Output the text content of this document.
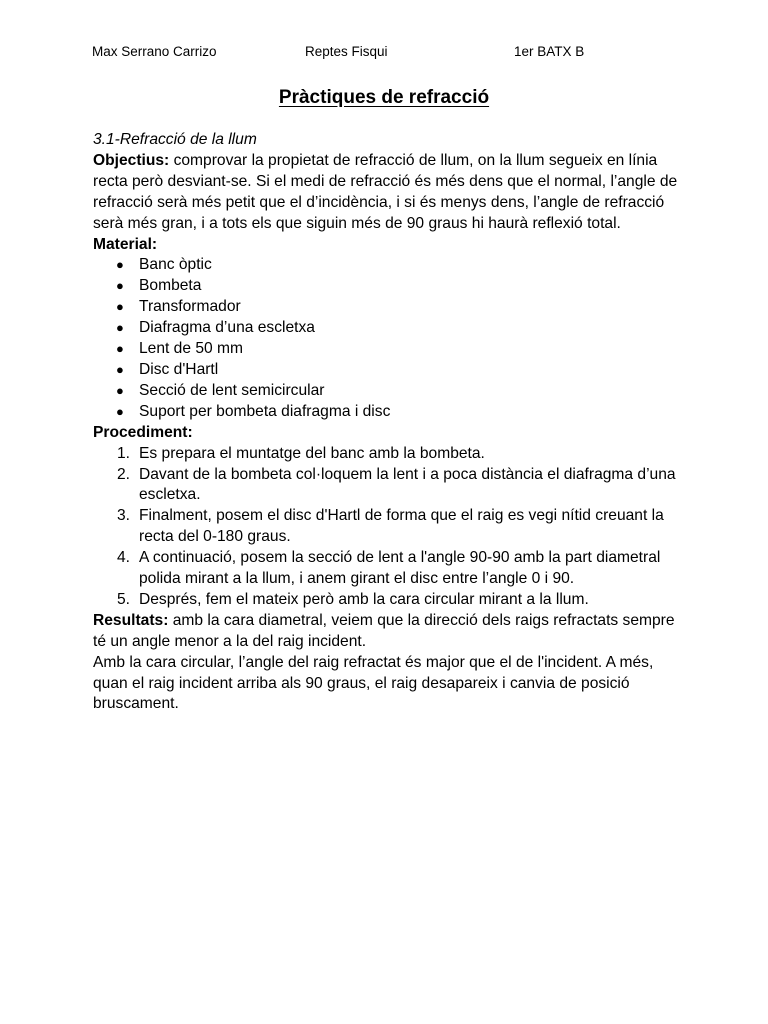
Max Serrano Carrizo	Reptes Fisqui	1er BATX B
Pràctiques de refracció

3.1-Refracció de la llum

Objectius: comprovar la propietat de refracció de llum, on la llum segueix en línia recta però desviant-se. Si el medi de refracció és més dens que el normal, l’angle de refracció serà més petit que el d’incidència, i si és menys dens, l’angle de refracció serà més gran, i a tots els que siguin més de 90 graus hi haurà reflexió total.

Material:

● Banc òptic
● Bombeta
● Transformador
● Diafragma d’una escletxa
● Lent de 50 mm
● Disc d'Hartl
● Secció de lent semicircular
● Suport per bombeta diafragma i disc

Procediment:

1. Es prepara el muntatge del banc amb la bombeta.
2. Davant de la bombeta col·loquem la lent i a poca distància el diafragma d’una escletxa.
3. Finalment, posem el disc d'Hartl de forma que el raig es vegi nítid creuant la recta del 0-180 graus.
4. A continuació, posem la secció de lent a l'angle 90-90 amb la part diametral polida mirant a la llum, i anem girant el disc entre l’angle 0 i 90.
5. Després, fem el mateix però amb la cara circular mirant a la llum.

Resultats: amb la cara diametral, veiem que la direcció dels raigs refractats sempre té un angle menor a la del raig incident.

Amb la cara circular, l’angle del raig refractat és major que el de l'incident. A més, quan el raig incident arriba als 90 graus, el raig desapareix i canvia de posició bruscament.
